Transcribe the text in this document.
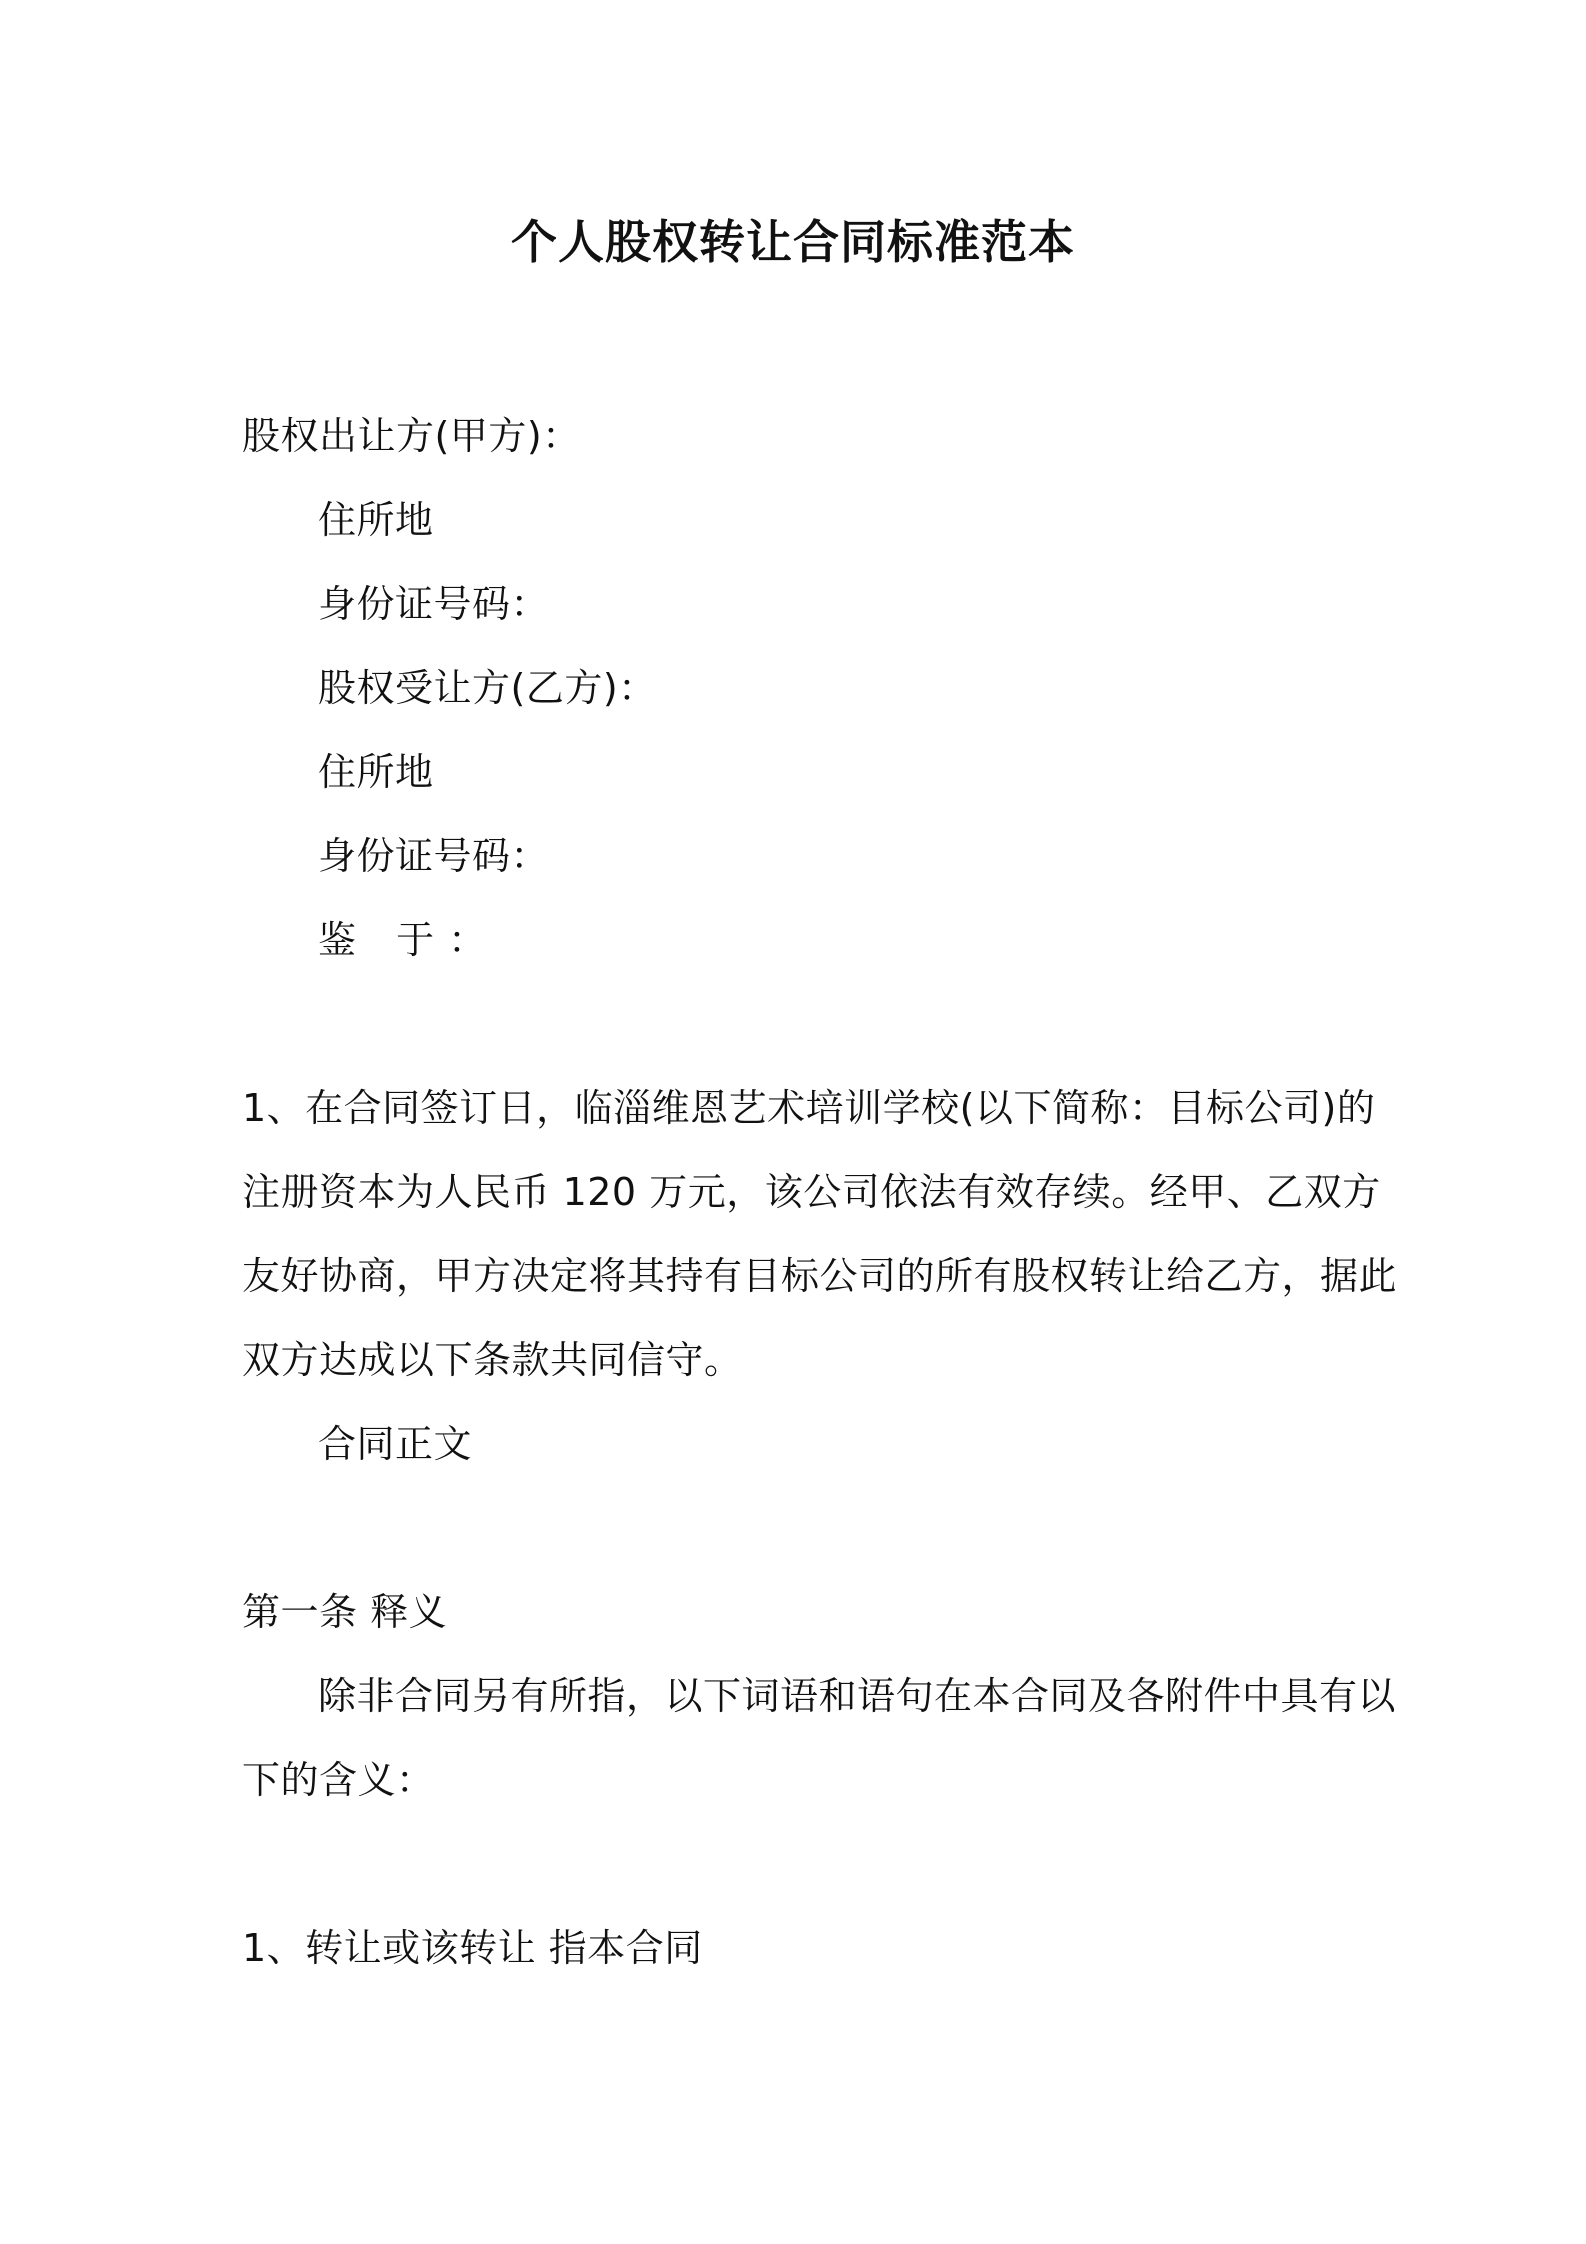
个人股权转让合同标准范本
股权出让方(甲方)：
住所地
身份证号码：
股权受让方(乙方)：
住所地
身份证号码：
鉴 于：
1、在合同签订日，临淄维恩艺术培训学校(以下简称：目标公司)的
注册资本为人民币 120 万元，该公司依法有效存续。经甲、乙双方
友好协商，甲方决定将其持有目标公司的所有股权转让给乙方，据此
双方达成以下条款共同信守。
合同正文
第一条 释义
除非合同另有所指，以下词语和语句在本合同及各附件中具有以
下的含义：
1、转让或该转让 指本合同
